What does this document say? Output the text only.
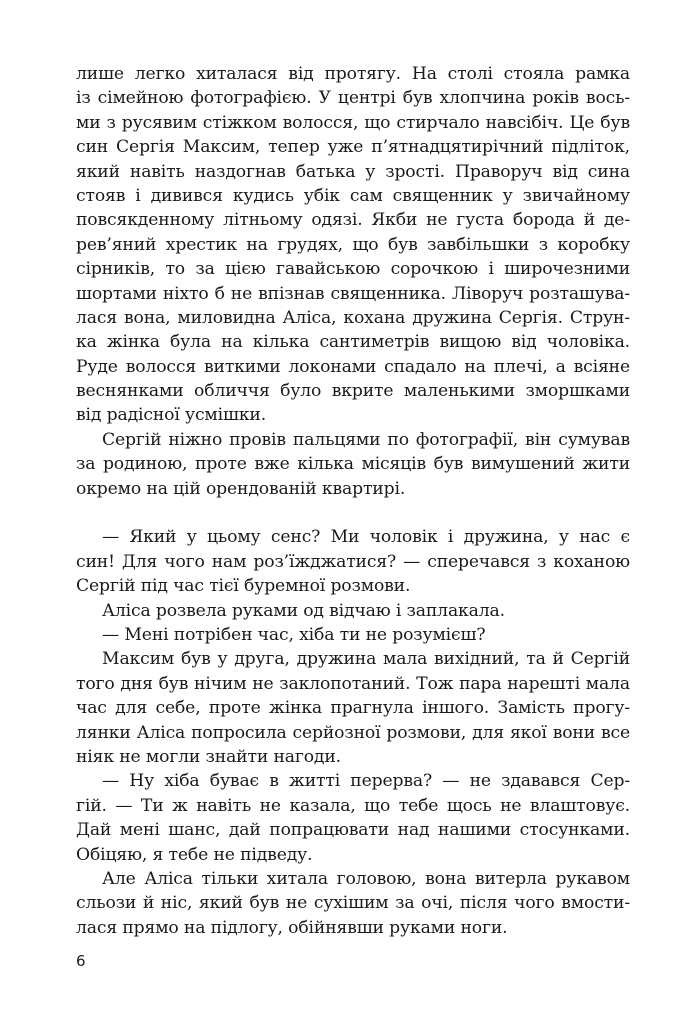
лише легко хиталася від протягу. На столі стояла рамка
із сімейною фотографією. У центрі був хлопчина років вось-
ми з русявим стіжком волосся, що стирчало навсібіч. Це був
син Сергія Максим, тепер уже п’ятнадцятирічний підліток,
який навіть наздогнав батька у зрості. Праворуч від сина
стояв і дивився кудись убік сам священник у звичайному
повсякденному літньому одязі. Якби не густа борода й де-
рев’яний хрестик на грудях, що був завбільшки з коробку
сірників, то за цією гавайською сорочкою і широчезними
шортами ніхто б не впізнав священника. Ліворуч розташува-
лася вона, миловидна Аліса, кохана дружина Сергія. Струн-
ка жінка була на кілька сантиметрів вищою від чоловіка.
Руде волосся виткими локонами спадало на плечі, а всіяне
веснянками обличчя було вкрите маленькими зморшками
від радісної усмішки.
Сергій ніжно провів пальцями по фотографії, він сумував
за родиною, проте вже кілька місяців був вимушений жити
окремо на цій орендованій квартирі.
— Який у цьому сенс? Ми чоловік і дружина, у нас є
син! Для чого нам роз’їжджатися? — сперечався з коханою
Сергій під час тієї буремної розмови.
Аліса розвела руками од відчаю і заплакала.
— Мені потрібен час, хіба ти не розумієш?
Максим був у друга, дружина мала вихідний, та й Сергій
того дня був нічим не заклопотаний. Тож пара нарешті мала
час для себе, проте жінка прагнула іншого. Замість прогу-
лянки Аліса попросила серйозної розмови, для якої вони все
ніяк не могли знайти нагоди.
— Ну хіба буває в житті перерва? — не здавався Сер-
гій. — Ти ж навіть не казала, що тебе щось не влаштовує.
Дай мені шанс, дай попрацювати над нашими стосунками.
Обіцяю, я тебе не підведу.
Але Аліса тільки хитала головою, вона витерла рукавом
сльози й ніс, який був не сухішим за очі, після чого вмости-
лася прямо на підлогу, обійнявши руками ноги.
6
